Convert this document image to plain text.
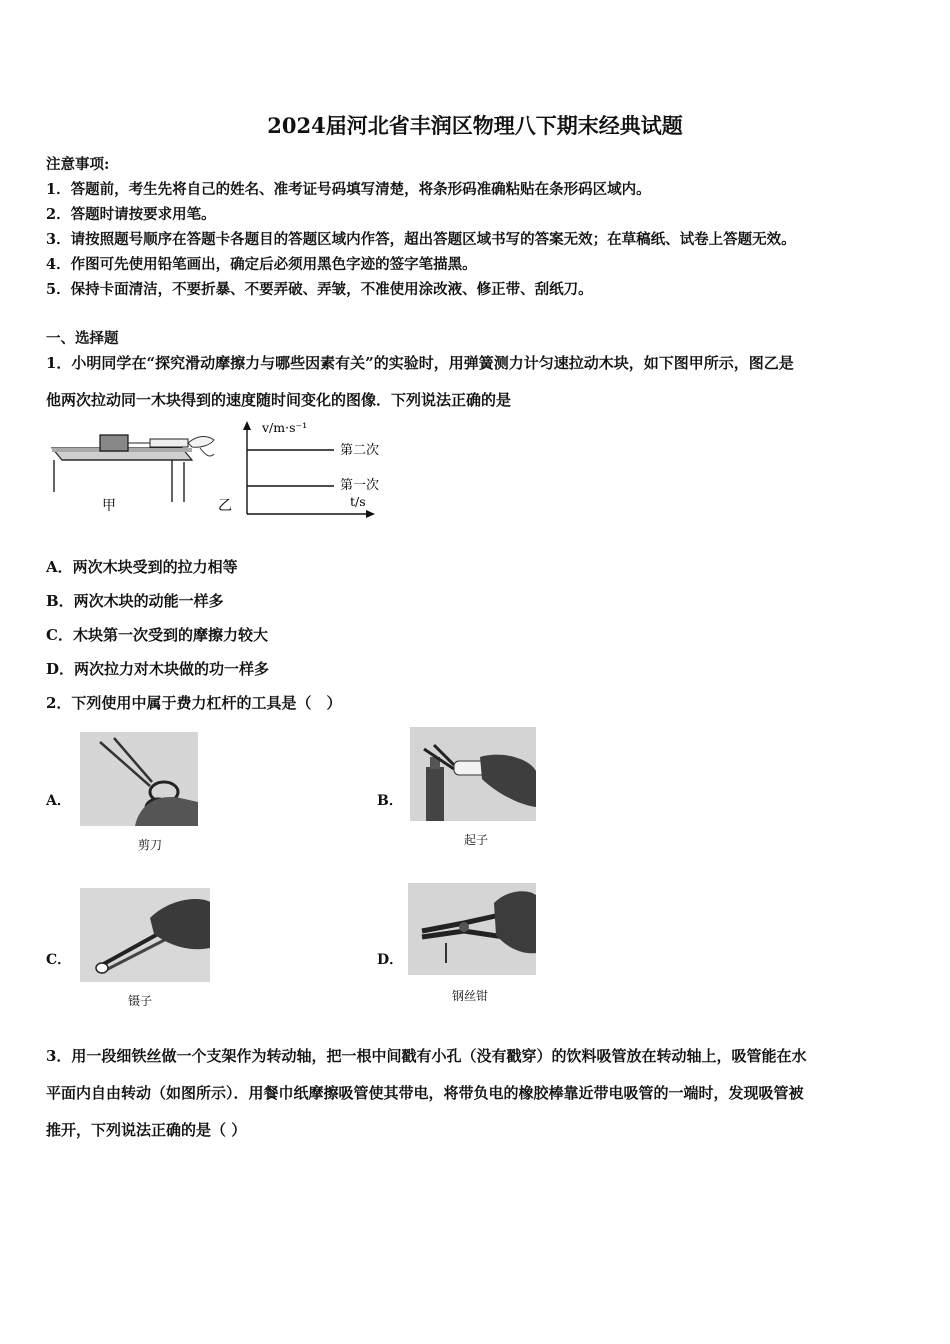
2024届河北省丰润区物理八下期末经典试题
注意事项:
1．答题前，考生先将自己的姓名、准考证号码填写清楚，将条形码准确粘贴在条形码区域内。
2．答题时请按要求用笔。
3．请按照题号顺序在答题卡各题目的答题区域内作答，超出答题区域书写的答案无效；在草稿纸、试卷上答题无效。
4．作图可先使用铅笔画出，确定后必须用黑色字迹的签字笔描黑。
5．保持卡面清洁，不要折暴、不要弄破、弄皱，不准使用涂改液、修正带、刮纸刀。
一、选择题
1．小明同学在“探究滑动摩擦力与哪些因素有关”的实验时，用弹簧测力计匀速拉动木块，如下图甲所示，图乙是
他两次拉动同一木块得到的速度随时间变化的图像．下列说法正确的是
甲	乙
v/m·s⁻¹
第二次
第一次
t/s
A．两次木块受到的拉力相等
B．两次木块的动能一样多
C．木块第一次受到的摩擦力较大
D．两次拉力对木块做的功一样多
2．下列使用中属于费力杠杆的工具是（　）
A．
剪刀
B．
起子
C．
镊子
D．
钢丝钳
3．用一段细铁丝做一个支架作为转动轴，把一根中间戳有小孔（没有戳穿）的饮料吸管放在转动轴上，吸管能在水
平面内自由转动（如图所示）．用餐巾纸摩擦吸管使其带电，将带负电的橡胶棒靠近带电吸管的一端时，发现吸管被
推开，下列说法正确的是（ ）
